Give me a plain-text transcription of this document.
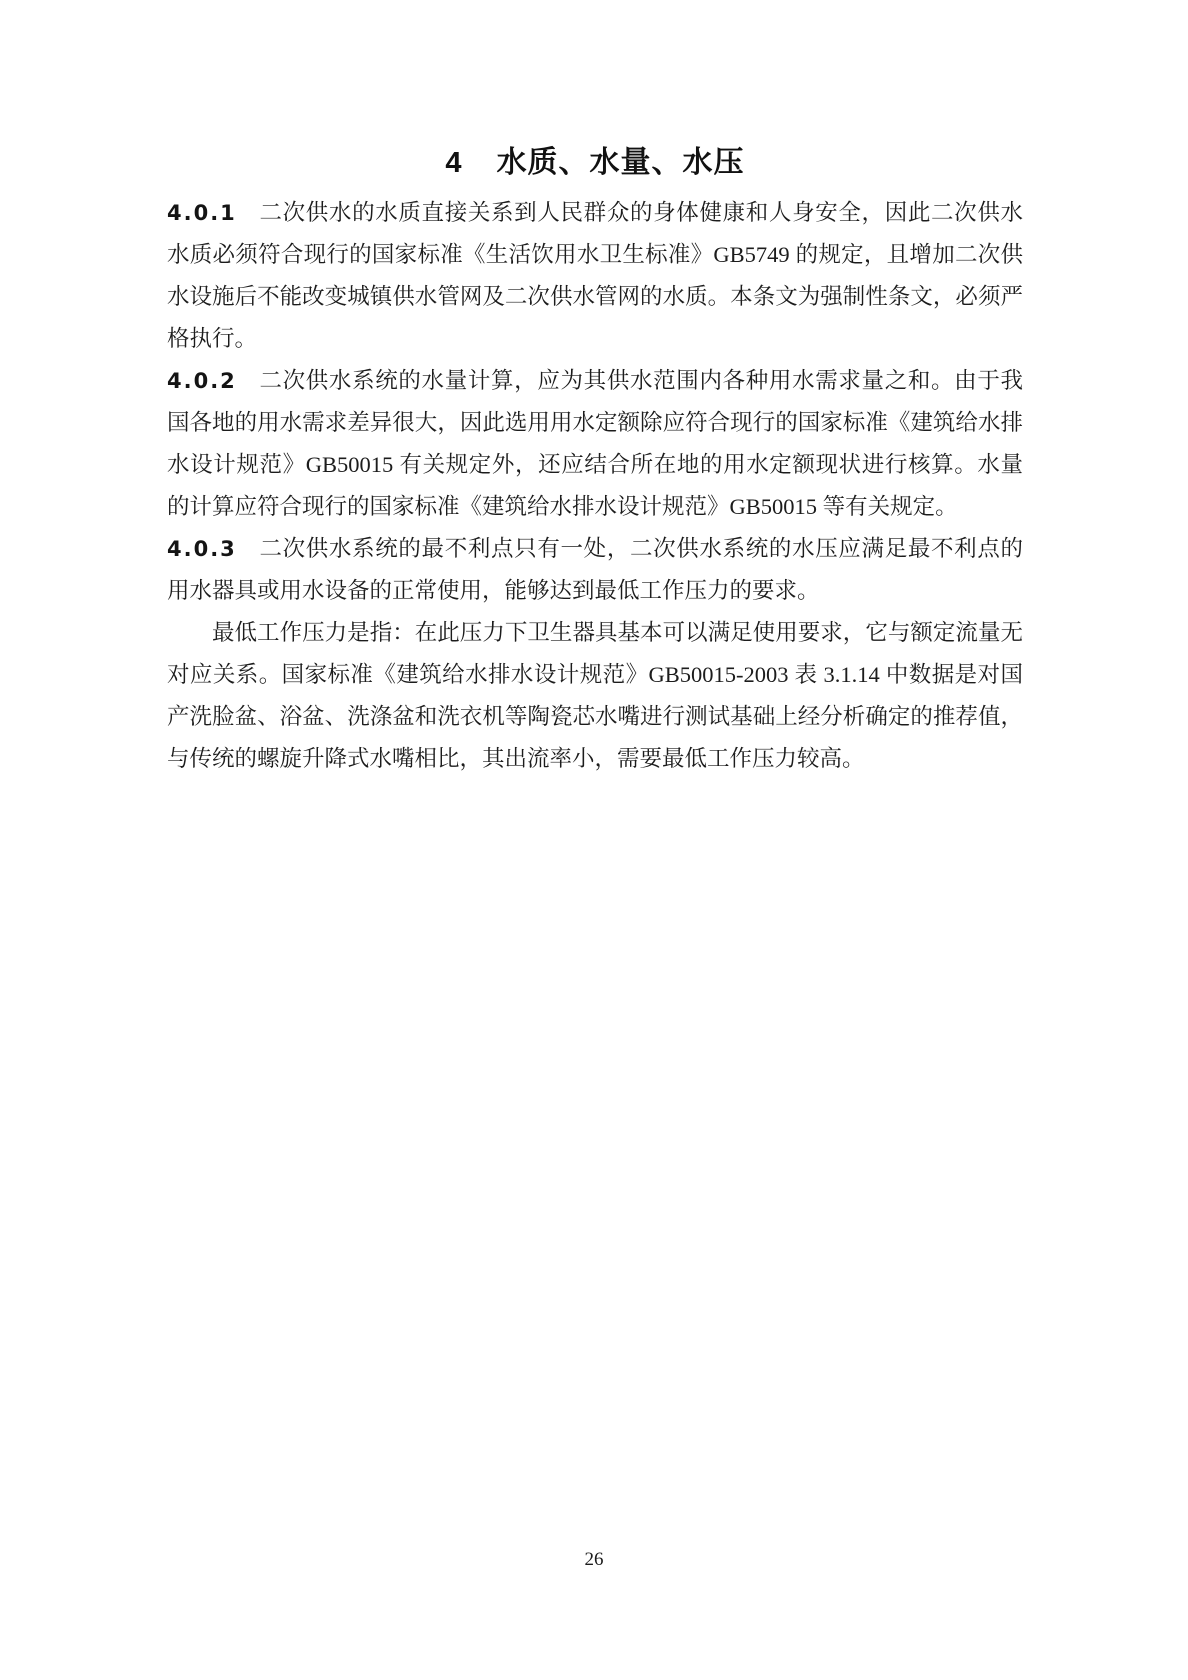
4 水质、水量、水压

4.0.1 二次供水的水质直接关系到人民群众的身体健康和人身安全，因此二次供水水质必须符合现行的国家标准《生活饮用水卫生标准》GB5749 的规定，且增加二次供水设施后不能改变城镇供水管网及二次供水管网的水质。本条文为强制性条文，必须严格执行。

4.0.2 二次供水系统的水量计算，应为其供水范围内各种用水需求量之和。由于我国各地的用水需求差异很大，因此选用用水定额除应符合现行的国家标准《建筑给水排水设计规范》GB50015 有关规定外，还应结合所在地的用水定额现状进行核算。水量的计算应符合现行的国家标准《建筑给水排水设计规范》GB50015 等有关规定。

4.0.3 二次供水系统的最不利点只有一处，二次供水系统的水压应满足最不利点的用水器具或用水设备的正常使用，能够达到最低工作压力的要求。

最低工作压力是指：在此压力下卫生器具基本可以满足使用要求，它与额定流量无对应关系。国家标准《建筑给水排水设计规范》GB50015-2003 表 3.1.14 中数据是对国产洗脸盆、浴盆、洗涤盆和洗衣机等陶瓷芯水嘴进行测试基础上经分析确定的推荐值，与传统的螺旋升降式水嘴相比，其出流率小，需要最低工作压力较高。

26
